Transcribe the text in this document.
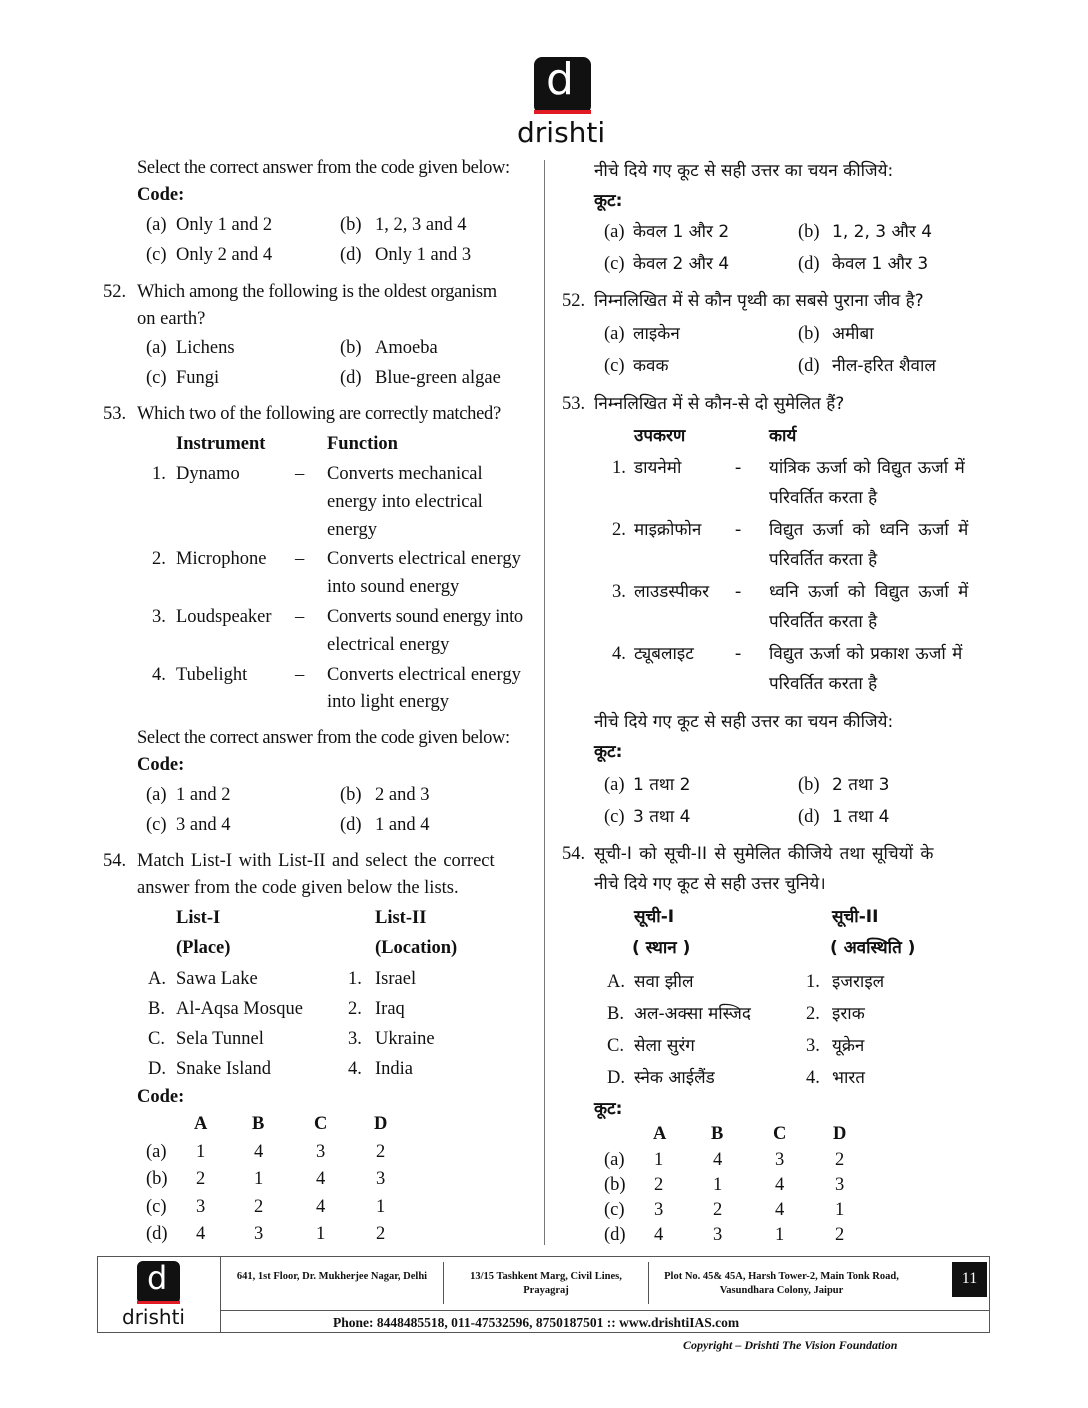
d
drishti
Select the correct answer from the code given below:
Code:
(a) Only 1 and 2	(b) 1, 2, 3 and 4
(c) Only 2 and 4	(d) Only 1 and 3
52. Which among the following is the oldest organism
on earth?
(a) Lichens	(b) Amoeba
(c) Fungi	(d) Blue-green algae
53. Which two of the following are correctly matched?
Instrument	Function
1. Dynamo	– Converts mechanical
energy into electrical
energy
2. Microphone – Converts electrical energy
into sound energy
3. Loudspeaker – Converts sound energy into
electrical energy
4. Tubelight	– Converts electrical energy
into light energy
Select the correct answer from the code given below:
Code:
(a) 1 and 2	(b) 2 and 3
(c) 3 and 4	(d) 1 and 4
54. Match List-I with List-II and select the correct
answer from the code given below the lists.
List-I	List-II
(Place)	(Location)
A. Sawa Lake	1. Israel
B. Al-Aqsa Mosque 2. Iraq
C. Sela Tunnel	3. Ukraine
D. Snake Island	4. India
Code:
A B	C	D
(a) 1	4	3	2
(b) 2	1	4	3
(c) 3	2	4	1
(d) 4	3	1	2
नीचे दिये गए कूट से सही उत्तर का चयन कीजिये:
कूट:
(a) केवल 1 और 2	(b) 1, 2, 3 और 4
(c) केवल 2 और 4	(d) केवल 1 और 3
52. निम्नलिखित में से कौन पृथ्वी का सबसे पुराना जीव है?
(a) लाइकेन	(b) अमीबा
(c) कवक	(d) नील-हरित शैवाल
53. निम्नलिखित में से कौन-से दो सुमेलित हैं?
उपकरण	कार्य
1. डायनेमो	- यांत्रिक ऊर्जा को विद्युत ऊर्जा में
परिवर्तित करता है
2. माइक्रोफोन - विद्युत ऊर्जा को ध्वनि ऊर्जा में
परिवर्तित करता है
3. लाउडस्पीकर - ध्वनि ऊर्जा को विद्युत ऊर्जा में
परिवर्तित करता है
4. ट्यूबलाइट - विद्युत ऊर्जा को प्रकाश ऊर्जा में
परिवर्तित करता है
नीचे दिये गए कूट से सही उत्तर का चयन कीजिये:
कूट:
(a) 1 तथा 2	(b) 2 तथा 3
(c) 3 तथा 4	(d) 1 तथा 4
54. सूची-I को सूची-II से सुमेलित कीजिये तथा सूचियों के
नीचे दिये गए कूट से सही उत्तर चुनिये।
सूची-I	सूची-II
( स्थान )	( अवस्थिति )
A. सवा झील	1. इजराइल
B. अल-अक्सा मस्जिद	2. इराक
C. सेला सुरंग	3. यूक्रेन
D. स्नेक आईलैंड	4. भारत
कूट:
A B	C	D
(a) 1	4	3	2
(b) 2	1	4	3
(c) 3	2	4	1
(d) 4	3	1	2
d
drishti
641, 1st Floor, Dr. Mukherjee Nagar, Delhi	13/15 Tashkent Marg, Civil Lines, Prayagraj
Plot No. 45& 45A, Harsh Tower-2, Main Tonk Road, Vasundhara Colony, Jaipur
11
Phone: 8448485518, 011-47532596, 8750187501 :: www.drishtiIAS.com
Copyright – Drishti The Vision Foundation
